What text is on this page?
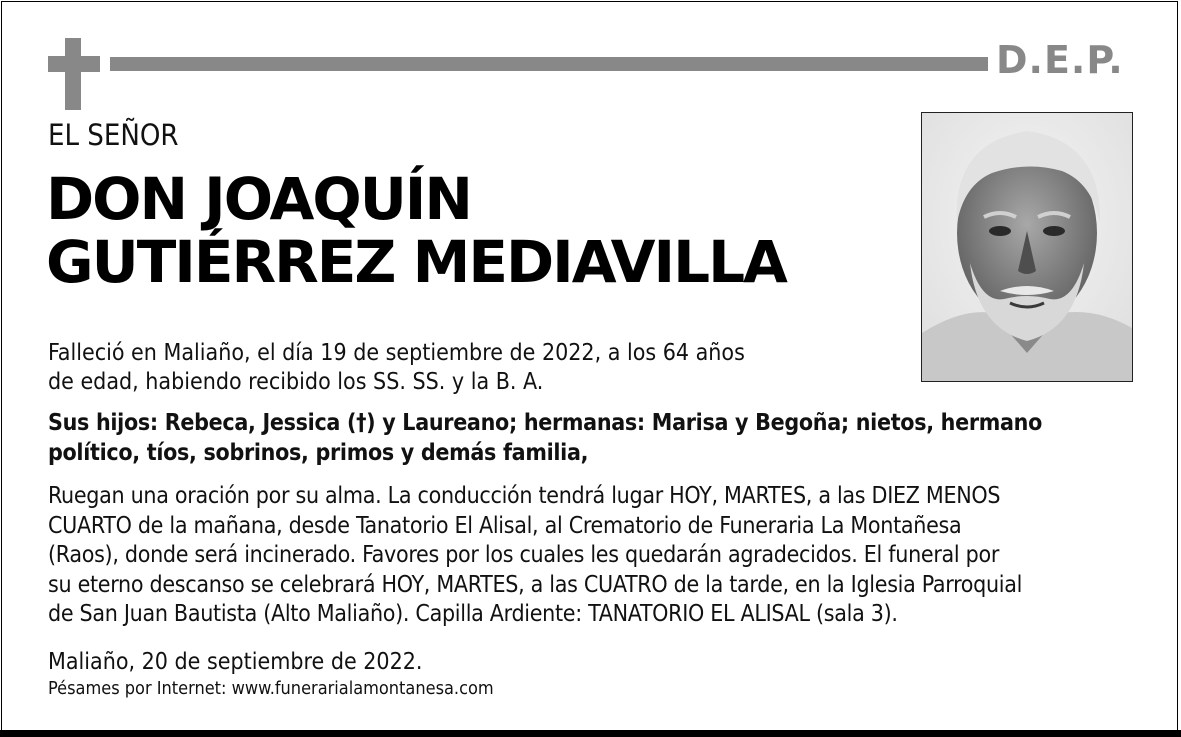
D.E.P.
EL SEÑOR
DON JOAQUÍN
GUTIÉRREZ MEDIAVILLA
Falleció en Maliaño, el día 19 de septiembre de 2022, a los 64 años
de edad, habiendo recibido los SS. SS. y la B. A.
Sus hijos: Rebeca, Jessica (†) y Laureano; hermanas: Marisa y Begoña; nietos, hermano
político, tíos, sobrinos, primos y demás familia,
Ruegan una oración por su alma. La conducción tendrá lugar HOY, MARTES, a las DIEZ MENOS
CUARTO de la mañana, desde Tanatorio El Alisal, al Crematorio de Funeraria La Montañesa
(Raos), donde será incinerado. Favores por los cuales les quedarán agradecidos. El funeral por
su eterno descanso se celebrará HOY, MARTES, a las CUATRO de la tarde, en la Iglesia Parroquial
de San Juan Bautista (Alto Maliaño). Capilla Ardiente: TANATORIO EL ALISAL (sala 3).
Maliaño, 20 de septiembre de 2022.
Pésames por Internet: www.funerarialamontanesa.com
